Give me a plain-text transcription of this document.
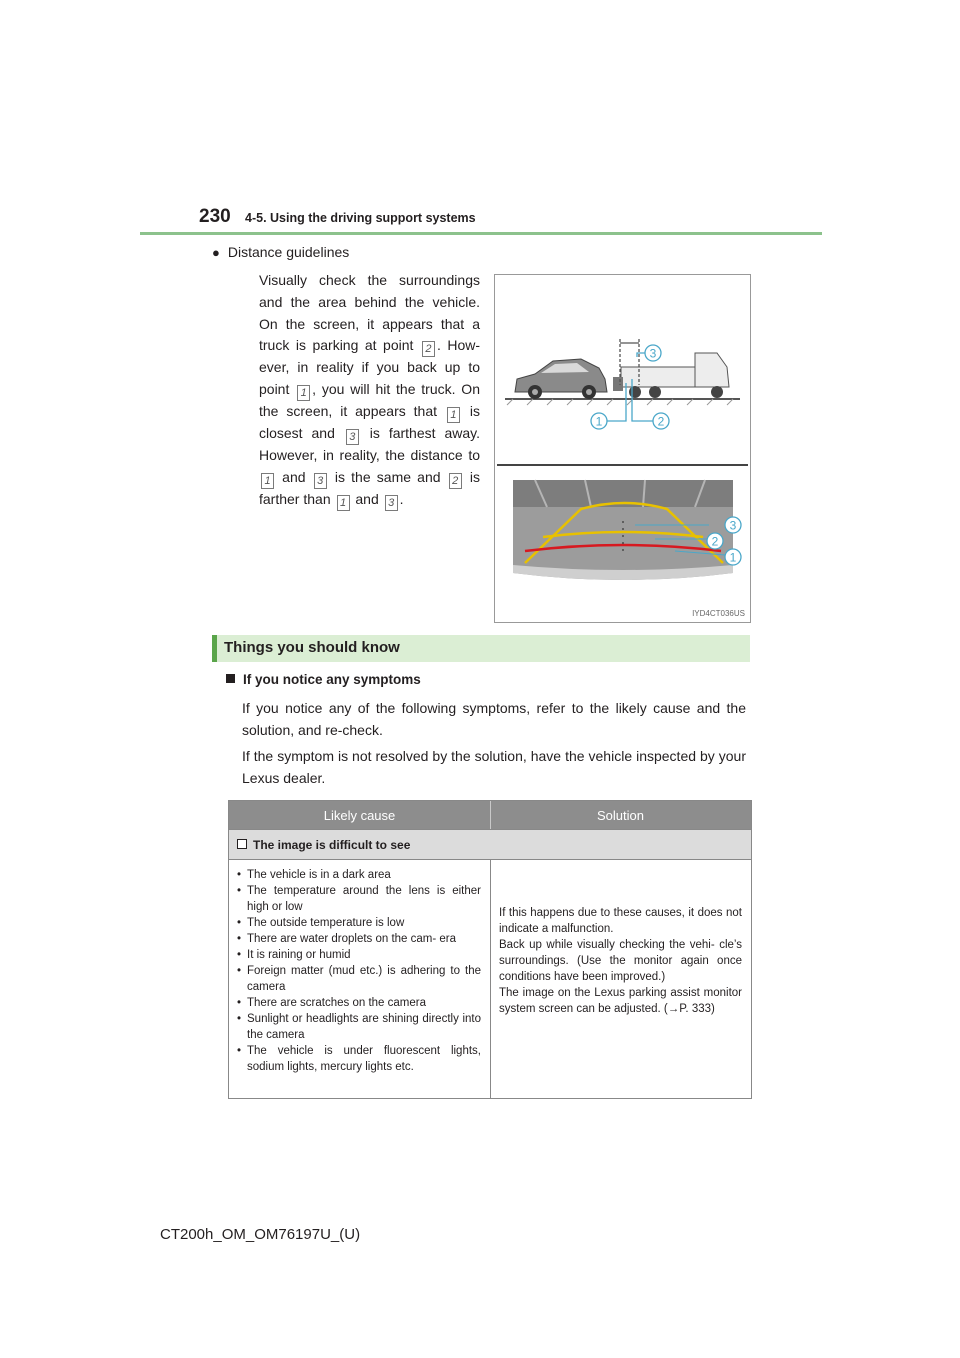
230 4-5. Using the driving support systems
● Distance guidelines
Visually check the surroundings and the area behind the vehicle. On the screen, it appears that a truck is parking at point 2 . How- ever, in reality if you back up to point 1 , you will hit the truck. On the screen, it appears that 1 is closest and 3 is farthest away. However, in reality, the distance to 1 and 3 is the same and 2 is farther than 1 and 3 .
1	2
3
3
2
1
IYD4CT036US
Things you should know
If you notice any symptoms
If you notice any of the following symptoms, refer to the likely cause and the solution, and re-check.
If the symptom is not resolved by the solution, have the vehicle inspected by your Lexus dealer.
Likely cause	Solution
The image is difficult to see
• The vehicle is in a dark area
• The temperature around the lens is either high or low
• The outside temperature is low
• There are water droplets on the cam- era
• It is raining or humid
• Foreign matter (mud etc.) is adhering to the camera
• There are scratches on the camera
• Sunlight or headlights are shining directly into the camera
• The vehicle is under fluorescent lights, sodium lights, mercury lights etc.

If this happens due to these causes, it does not indicate a malfunction.

Back up while visually checking the vehi- cle’s surroundings. (Use the monitor again once conditions have been improved.)

The image on the Lexus parking assist monitor system screen can be adjusted. (→P. 333)

CT200h_OM_OM76197U_(U)
